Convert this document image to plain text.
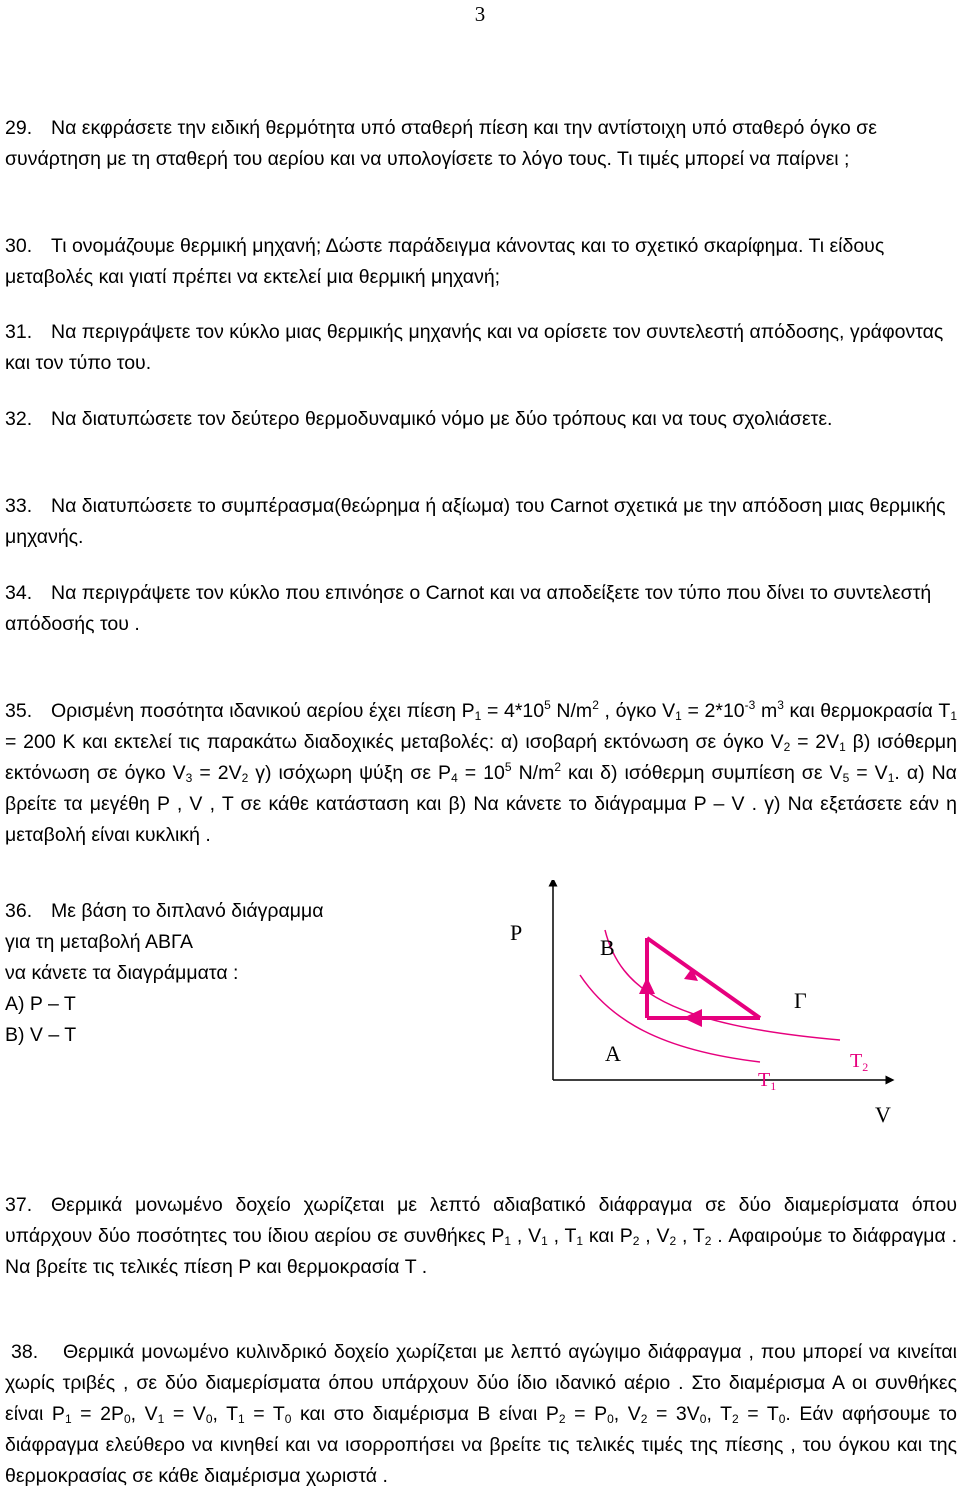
3

29. Να εκφράσετε την ειδική θερμότητα υπό σταθερή πίεση και την αντίστοιχη υπό σταθερό όγκο σε συνάρτηση με τη σταθερή του αερίου και να υπολογίσετε το λόγο τους. Τι τιμές μπορεί να παίρνει ;

30. Τι ονομάζουμε θερμική μηχανή; Δώστε παράδειγμα κάνοντας και το σχετικό σκαρίφημα. Τι είδους μεταβολές και γιατί πρέπει να εκτελεί μια θερμική μηχανή;

31. Να περιγράψετε τον κύκλο μιας θερμικής μηχανής και να ορίσετε τον συντελεστή απόδοσης, γράφοντας και τον τύπο του.

32. Να διατυπώσετε τον δεύτερο θερμοδυναμικό νόμο με δύο τρόπους και να τους σχολιάσετε.

33. Να διατυπώσετε το συμπέρασμα(θεώρημα ή αξίωμα) του Carnot σχετικά με την απόδοση μιας θερμικής μηχανής.

34. Να περιγράψετε τον κύκλο που επινόησε ο Carnot και να αποδείξετε τον τύπο που δίνει το συντελεστή απόδοσής του .

35. Ορισμένη ποσότητα ιδανικού αερίου έχει πίεση $P_1 = 4*10^5$ $N/m^2$ , όγκο $V_1 = 2*10^{-3}$ $m^3$ και θερμοκρασία $T_1 = 200$ K και εκτελεί τις παρακάτω διαδοχικές μεταβολές: α) ισοβαρή εκτόνωση σε όγκο $V_2 = 2V_1$ β) ισόθερμη εκτόνωση σε όγκο $V_3 = 2V_2$ γ) ισόχωρη ψύξη σε $P_4 = 10^5$ $N/m^2$ και δ) ισόθερμη συμπίεση σε $V_5 = V_1$. α) Να βρείτε τα μεγέθη P , V , T σε κάθε κατάσταση και β) Να κάνετε το διάγραμμα P – V . γ) Να εξετάσετε εάν η μεταβολή είναι κυκλική .

36. Με βάση το διπλανό διάγραμμα
για τη μεταβολή ΑΒΓΑ
να κάνετε τα διαγράμματα :
Α) P – T
Β) V – T
P
B
Γ
A
$T_1$
$T_2$
V

37. Θερμικά μονωμένο δοχείο χωρίζεται με λεπτό αδιαβατικό διάφραγμα σε δύο διαμερίσματα όπου υπάρχουν δύο ποσότητες του ίδιου αερίου σε συνθήκες $P_1$ , $V_1$ , $T_1$ και $P_2$ , $V_2$ , $T_2$ . Αφαιρούμε το διάφραγμα . Να βρείτε τις τελικές πίεση P και θερμοκρασία T .

38. Θερμικά μονωμένο κυλινδρικό δοχείο χωρίζεται με λεπτό αγώγιμο διάφραγμα , που μπορεί να κινείται χωρίς τριβές , σε δύο διαμερίσματα όπου υπάρχουν δύο ίδιο ιδανικό αέριο . Στο διαμέρισμα Α οι συνθήκες είναι $P_1 = 2P_0$, $V_1 = V_0$, $T_1 = T_0$ και στο διαμέρισμα B είναι $P_2 = P_0$, $V_2 = 3V_0$, $T_2 = T_0$. Εάν αφήσουμε το διάφραγμα ελεύθερο να κινηθεί και να ισορροπήσει να βρείτε τις τελικές τιμές της πίεσης , του όγκου και της θερμοκρασίας σε κάθε διαμέρισμα χωριστά .
